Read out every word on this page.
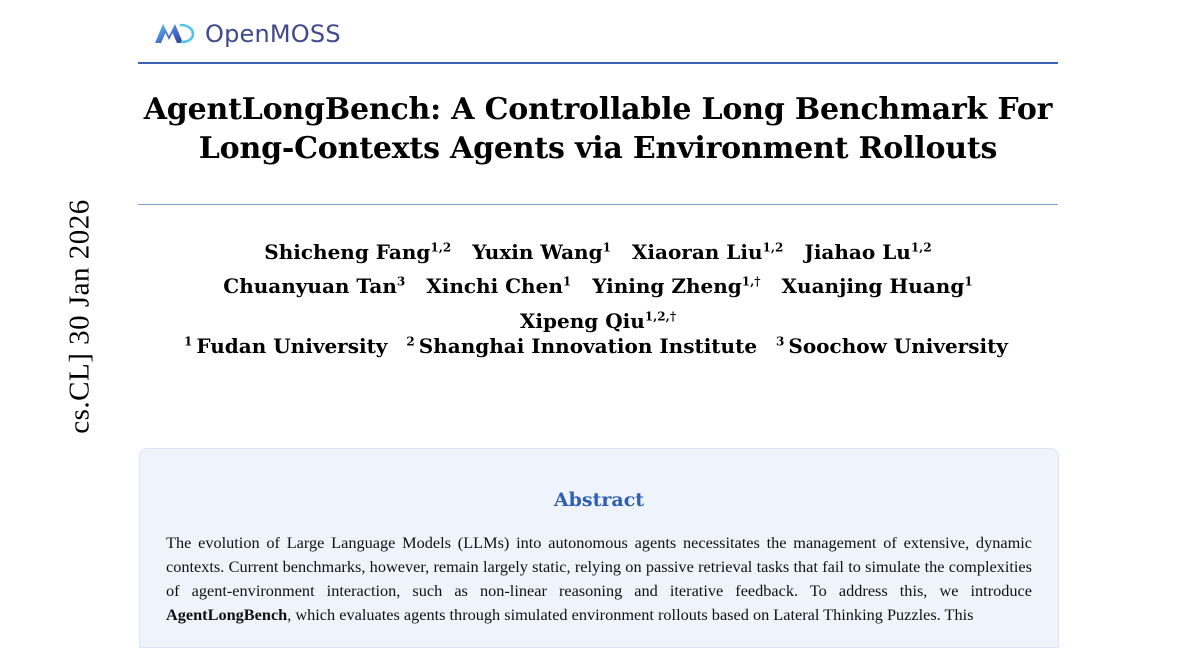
cs.CL] 30 Jan 2026
OpenMOSS
AgentLongBench: A Controllable Long Benchmark For
Long-Contexts Agents via Environment Rollouts
Shicheng Fang$^{1,2}$ Yuxin Wang$^1$ Xiaoran Liu$^{1,2}$ Jiahao Lu$^{1,2}$
Chuanyuan Tan$^3$ Xinchi Chen$^1$ Yining Zheng$^{1,\dagger}$ Xuanjing Huang$^1$
Xipeng Qiu$^{1,2,\dagger}$
$^1$ Fudan University $^2$ Shanghai Innovation Institute $^3$ Soochow University
Abstract
The evolution of Large Language Models (LLMs) into autonomous agents necessitates the management of extensive, dynamic contexts. Current benchmarks, however, remain largely static, relying on passive retrieval tasks that fail to simulate the complexities of agent-environment interaction, such as non-linear reasoning and iterative feedback. To address this, we introduce AgentLongBench, which evaluates agents through simulated environment rollouts based on Lateral Thinking Puzzles. This
